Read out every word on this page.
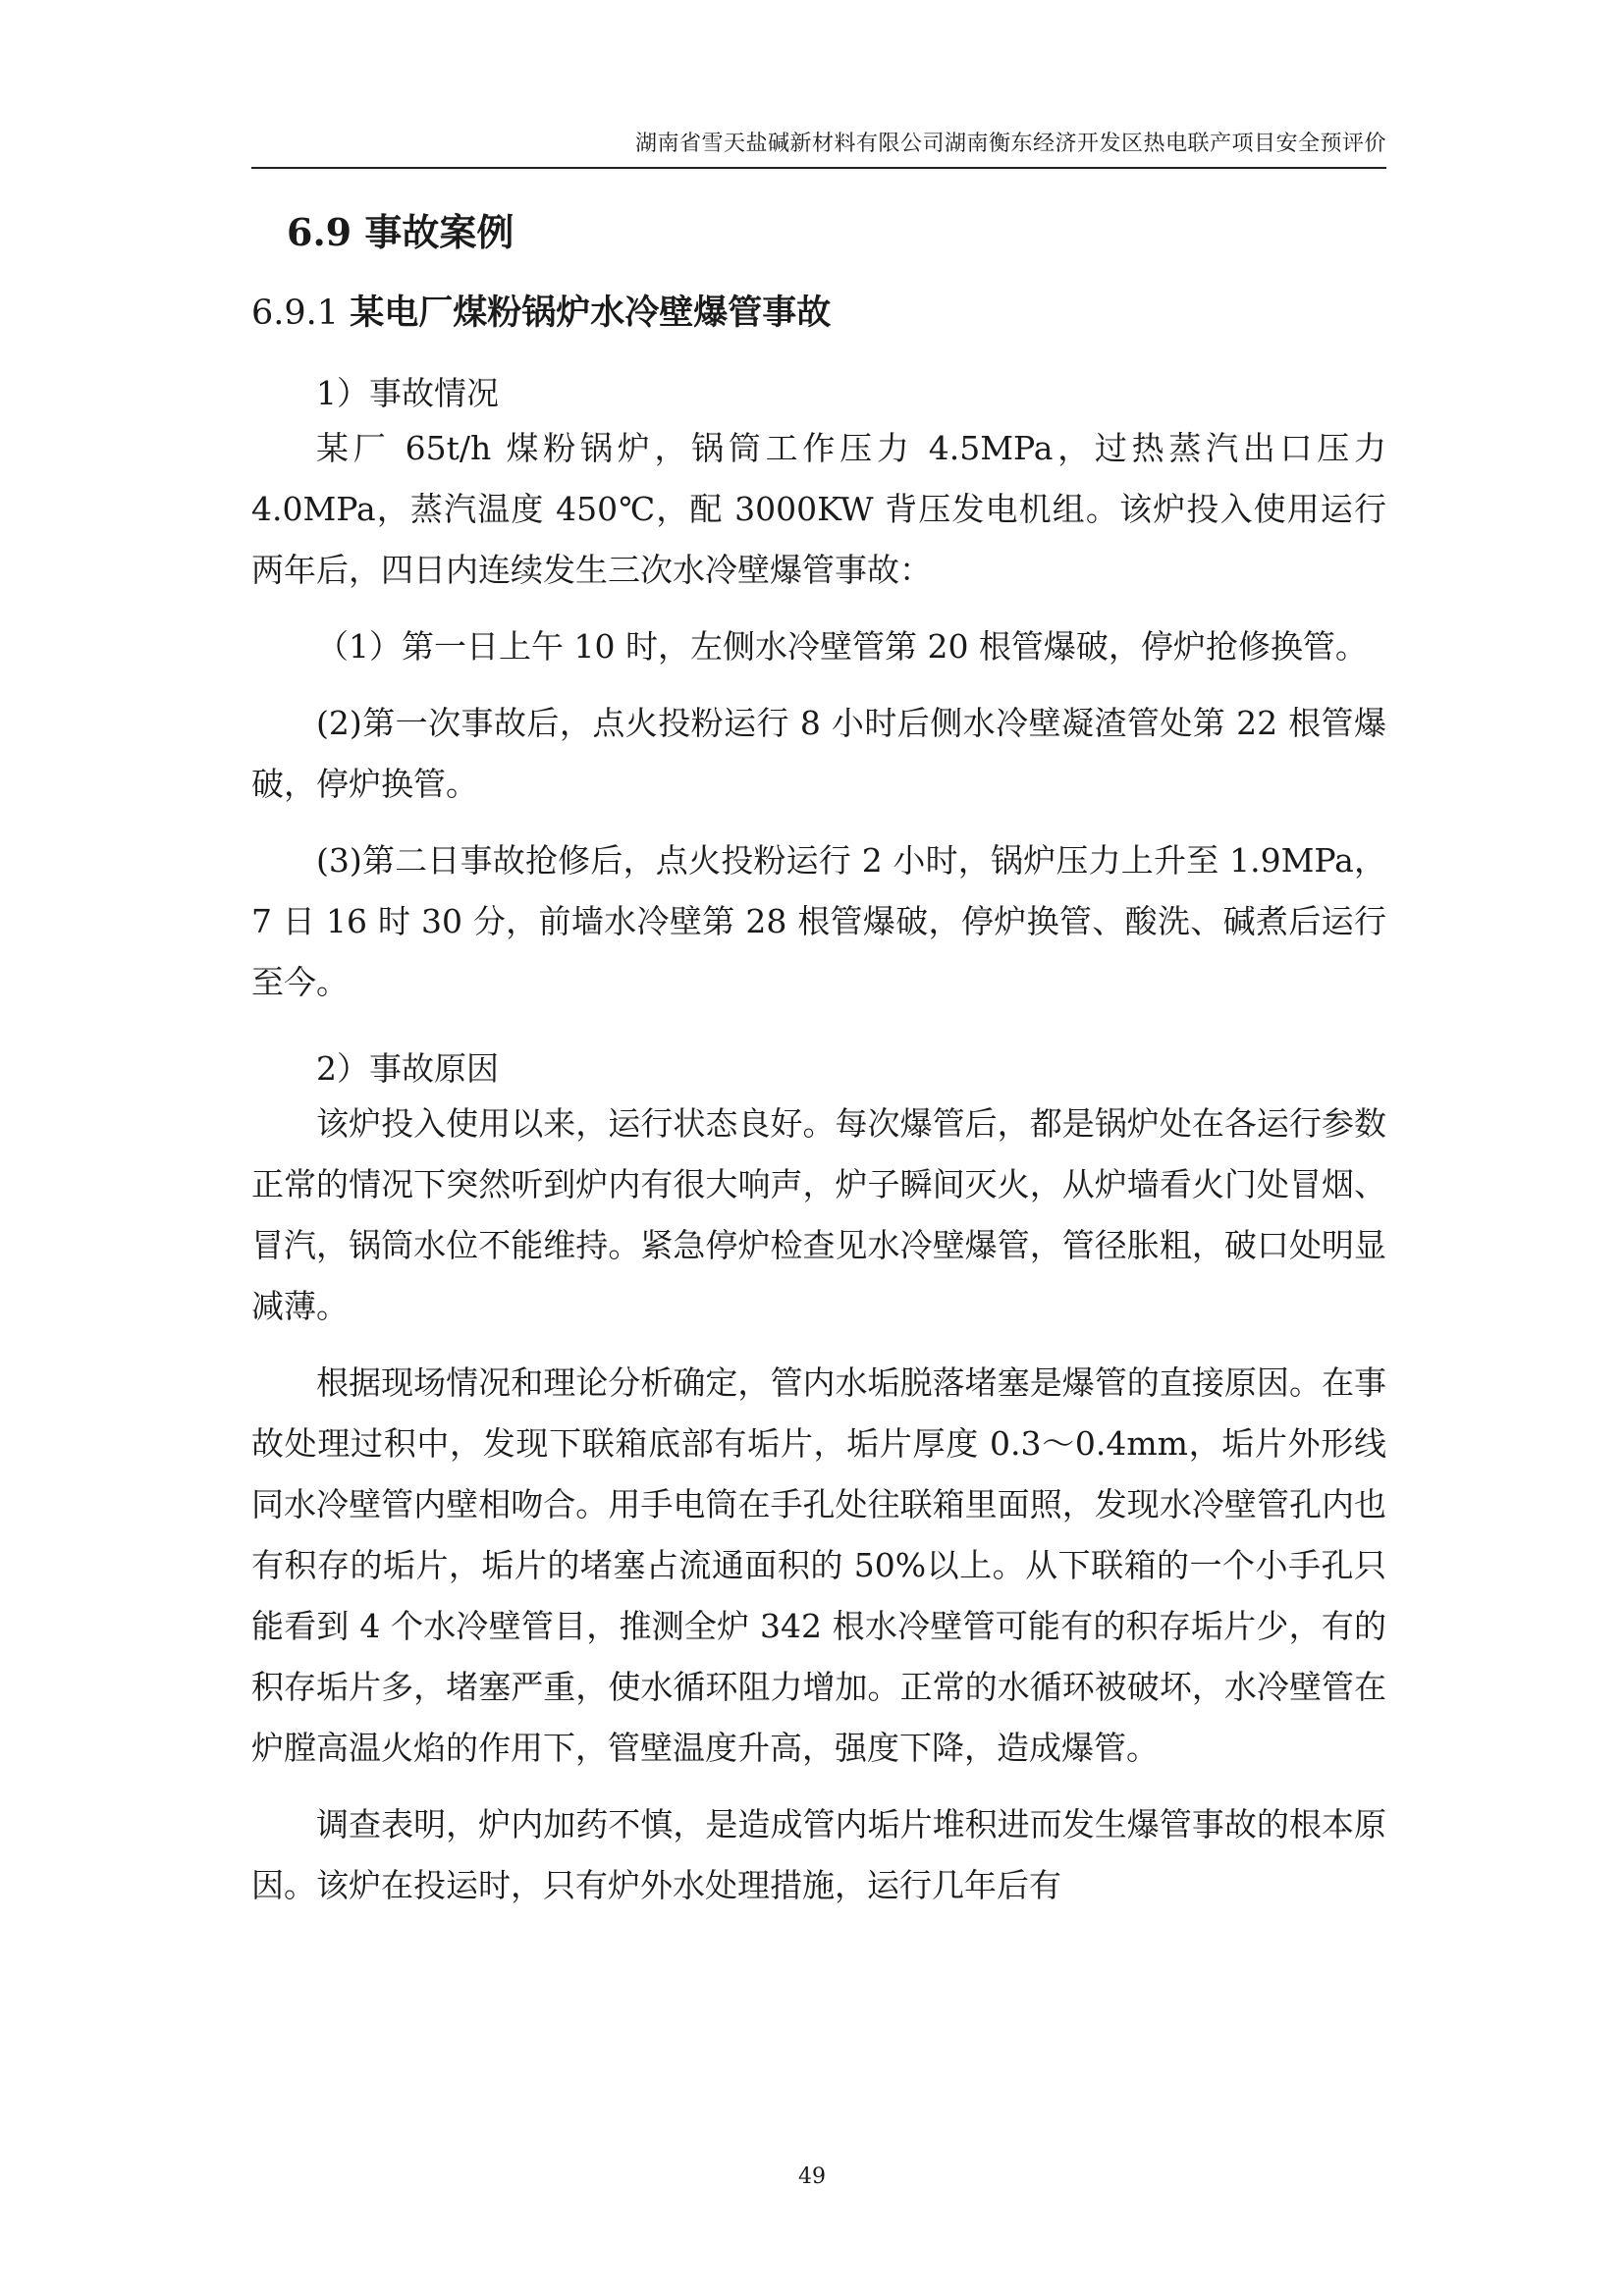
湖南省雪天盐碱新材料有限公司湖南衡东经济开发区热电联产项目安全预评价
6.9 事故案例
6.9.1 某电厂煤粉锅炉水冷壁爆管事故
1）事故情况

某厂 65t/h 煤粉锅炉，锅筒工作压力 4.5MPa，过热蒸汽出口压力 4.0MPa，蒸汽温度 450℃，配 3000KW 背压发电机组。该炉投入使用运行两年后，四日内连续发生三次水冷壁爆管事故：

（1）第一日上午 10 时，左侧水冷壁管第 20 根管爆破，停炉抢修换管。

(2)第一次事故后，点火投粉运行 8 小时后侧水冷壁凝渣管处第 22 根管爆破，停炉换管。

(3)第二日事故抢修后，点火投粉运行 2 小时，锅炉压力上升至 1.9MPa，7 日 16 时 30 分，前墙水冷壁第 28 根管爆破，停炉换管、酸洗、碱煮后运行至今。

2）事故原因

该炉投入使用以来，运行状态良好。每次爆管后，都是锅炉处在各运行参数正常的情况下突然听到炉内有很大响声，炉子瞬间灭火，从炉墙看火门处冒烟、冒汽，锅筒水位不能维持。紧急停炉检查见水冷壁爆管，管径胀粗，破口处明显减薄。

根据现场情况和理论分析确定，管内水垢脱落堵塞是爆管的直接原因。在事故处理过积中，发现下联箱底部有垢片，垢片厚度 0.3～0.4mm，垢片外形线同水冷壁管内壁相吻合。用手电筒在手孔处往联箱里面照，发现水冷壁管孔内也有积存的垢片，垢片的堵塞占流通面积的 50%以上。从下联箱的一个小手孔只能看到 4 个水冷壁管目，推测全炉 342 根水冷壁管可能有的积存垢片少，有的积存垢片多，堵塞严重，使水循环阻力增加。正常的水循环被破坏，水冷壁管在炉膛高温火焰的作用下，管壁温度升高，强度下降，造成爆管。

调查表明，炉内加药不慎，是造成管内垢片堆积进而发生爆管事故的根本原因。该炉在投运时，只有炉外水处理措施，运行几年后有

49
